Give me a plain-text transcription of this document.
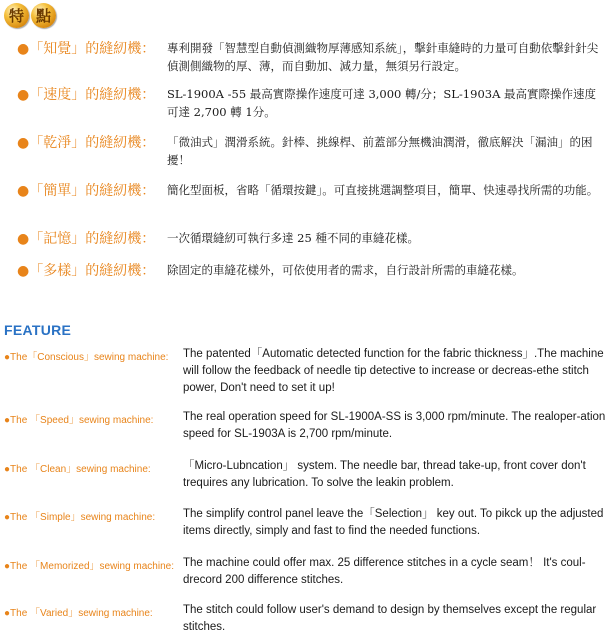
特 點
●「知覺」的縫紉機： 專利開發「智慧型自動偵測織物厚薄感知系統」，擊針車縫時的力量可自動依擊針針尖偵測側織物的厚、薄，而自動加、減力量，無須另行設定。
●「速度」的縫紉機： SL-1900A -55 最高實際操作速度可達 3,000 轉/分；SL-1903A 最高實際操作速度可達 2,700 轉 1分。
●「乾淨」的縫紉機： 「微油式」潤滑系統。針棒、挑線桿、前蓋部分無機油潤滑，徹底解決「漏油」的困擾！
●「簡單」的縫紉機： 簡化型面板，省略「循環按鍵」。可直接挑選調整項目，簡單、快速尋找所需的功能。
●「記憶」的縫紉機： 一次循環縫紉可執行多達 25 種不同的車縫花樣。
●「多樣」的縫紉機： 除固定的車縫花樣外，可依使用者的需求，自行設計所需的車縫花樣。
FEATURE
●The「Conscious」sewing machine: The patented「Automatic detected function for the fabric thickness」.The machine will follow the feedback of needle tip detective to increase or decreas-ethe stitch power, Don't need to set it up!
●The 「Speed」sewing machine:	The real operation speed for SL-1900A-SS is 3,000 rpm/minute. The realoper-ation speed for SL-1903A is 2,700 rpm/minute.
●The 「Clean」sewing machine:	「Micro-Lubncation」 system. The needle bar, thread take-up, front cover don't trequires any lubrication. To solve the leakin problem.
●The 「Simple」sewing machine: The simplify control panel leave the「Selection」 key out. To pikck up the adjusted items directly, simply and fast to find the needed functions.
●The 「Memorized」sewing machine: The machine could offer max. 25 difference stitches in a cycle seam！ It's coul-drecord 200 difference stitches.
●The 「Varied」sewing machine:	The stitch could follow user's demand to design by themselves except the regular stitches.
